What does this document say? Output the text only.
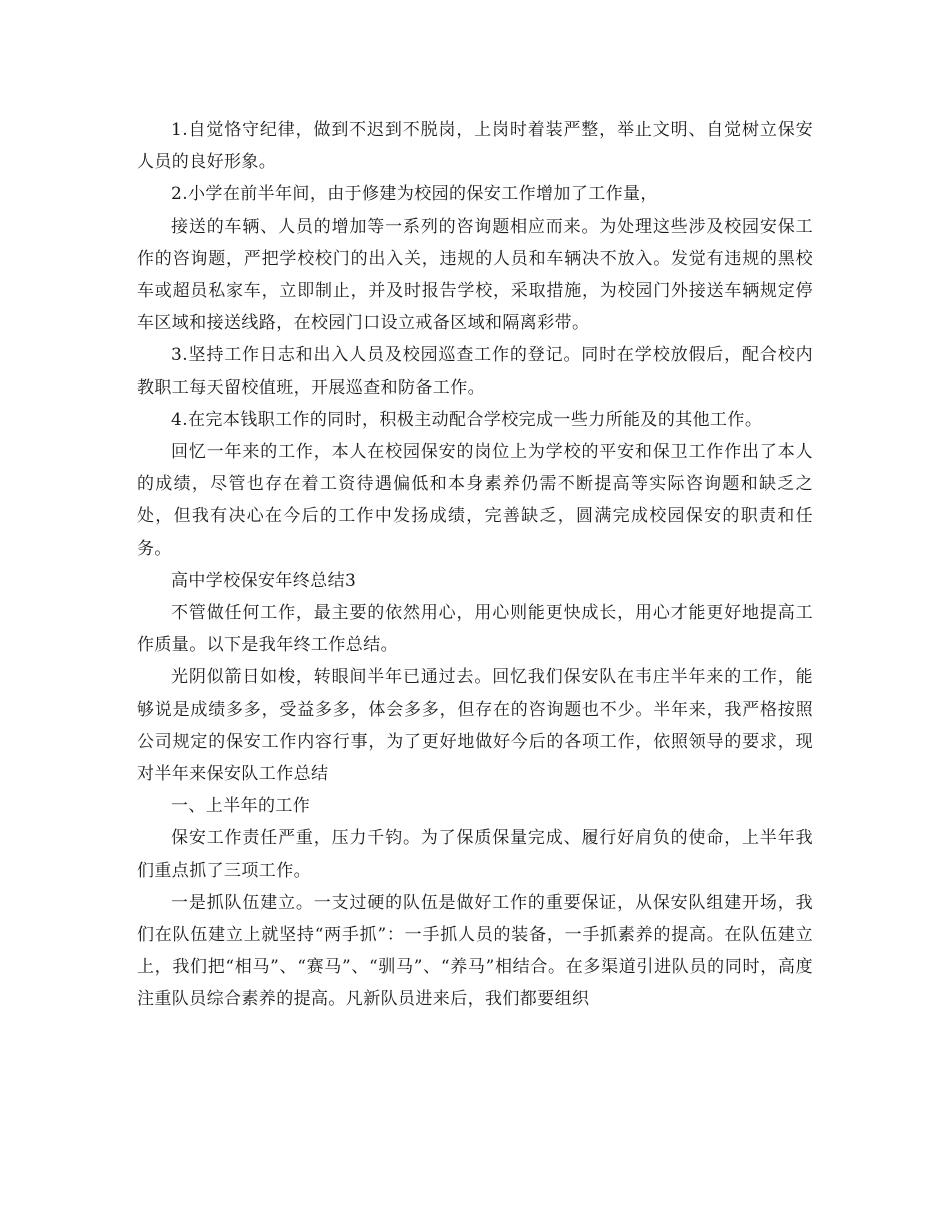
1.自觉恪守纪律，做到不迟到不脱岗，上岗时着装严整，举止文明、自觉树立保安人员的良好形象。

2.小学在前半年间，由于修建为校园的保安工作增加了工作量，

接送的车辆、人员的增加等一系列的咨询题相应而来。为处理这些涉及校园安保工作的咨询题，严把学校校门的出入关，违规的人员和车辆决不放入。发觉有违规的黑校车或超员私家车，立即制止，并及时报告学校，采取措施，为校园门外接送车辆规定停车区域和接送线路，在校园门口设立戒备区域和隔离彩带。

3.坚持工作日志和出入人员及校园巡查工作的登记。同时在学校放假后，配合校内教职工每天留校值班，开展巡查和防备工作。

4.在完本钱职工作的同时，积极主动配合学校完成一些力所能及的其他工作。

回忆一年来的工作，本人在校园保安的岗位上为学校的平安和保卫工作作出了本人的成绩，尽管也存在着工资待遇偏低和本身素养仍需不断提高等实际咨询题和缺乏之处，但我有决心在今后的工作中发扬成绩，完善缺乏，圆满完成校园保安的职责和任务。

高中学校保安年终总结3

不管做任何工作，最主要的依然用心，用心则能更快成长，用心才能更好地提高工作质量。以下是我年终工作总结。

光阴似箭日如梭，转眼间半年已通过去。回忆我们保安队在韦庄半年来的工作，能够说是成绩多多，受益多多，体会多多，但存在的咨询题也不少。半年来，我严格按照公司规定的保安工作内容行事，为了更好地做好今后的各项工作，依照领导的要求，现对半年来保安队工作总结

一、上半年的工作

保安工作责任严重，压力千钧。为了保质保量完成、履行好肩负的使命，上半年我们重点抓了三项工作。

一是抓队伍建立。一支过硬的队伍是做好工作的重要保证，从保安队组建开场，我们在队伍建立上就坚持“两手抓”：一手抓人员的装备，一手抓素养的提高。在队伍建立上，我们把“相马”、“赛马”、“驯马”、“养马”相结合。在多渠道引进队员的同时，高度注重队员综合素养的提高。凡新队员进来后，我们都要组织
